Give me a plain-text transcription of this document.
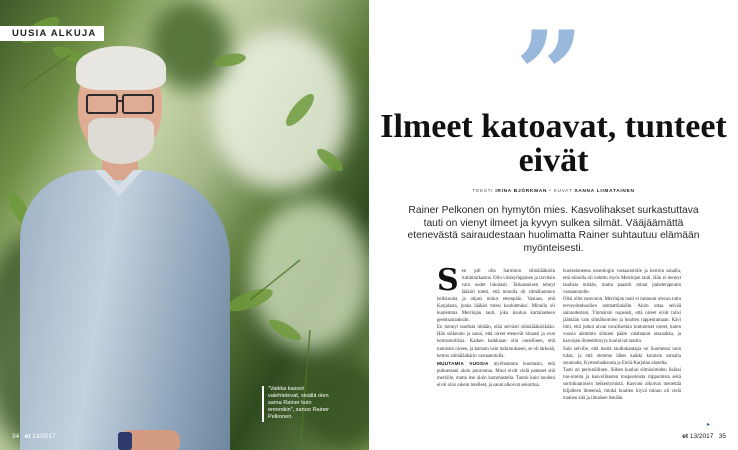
UUSIA ALKUJA
”Vaikka kasvot valehtelevat, sisällä olen sama Rainer kuin ennenkin”, sanoo Rainer Pelkonen.
34 et 13/2017
”
Ilmeet katoavat, tunteet eivät
TEKSTI IRINA BJÖRKMAN • KUVAT SANNA LIIMATAINEN

Rainer Pelkonen on hymytön mies. Kasvolihakset surkastuttava tauti on vienyt ilmeet ja kyvyn sulkea silmät. Vääjäämättä etenevästä sairaudestaan huolimatta Rainer suhtautuu elämään myönteisesti.

S en piti olla harmiton silmälääkärin rutiinitarkastus. Olin viisikymppinen ja tarvitsin vain uudet lukulasit. Tarkastuksen tehnyt lääkäri totesi, että minulla oli silmäluomien heikkoutta ja ohjasi minut eteenpäin. Vastaus, että Karjalasta, jonka lääkäri totesi koulutetuksi. Minulla oli kuulemma Merrinjan tauti, joka kuuluu kartaliasteen geenisairauksiin.

En tiennyt taudista mitään, eikä selvästi silmälääkärikään. Hän sulkeutui ja sanoi, että oireet etenevät hitaasti ja ovat hermostollisia. Kaiken kaikkiaan olin onnellinen, että tunnistin oireen, ja kutsuin vain tutkimukseen, se oli tärkeää, kertoo silmälääkärin vastaanotolla.

MUUTAMIA VUOSIA myöhemmin huomasin, että puhuessani aloin puuroutua. Muut eivät vielä panneet sitä merkille, mutta itse aloin kummastella. Tuntui kuin huuleni eivät olisi oikein totelleet, ja sanat alkoivat sekoittua.

huolestuneena neurologin vastaanotolle ja kerroin sanalla, että minulla oli todettu myös Merrinjan tauti. Hän ei tiennyt taudista mitään, mutta paasitti minut puheterapeutin vastaanotolle.

Olisi ollut neuvoton. Merrinjan tauti ei tuntunut olevan tuttu terveydenhuollon ammattilaisille. Aloin ottaa selvää sairaudestani. Ymmärsin nopeasti, että oireet eivät tulisi jäämään vain silmäluomien ja huulten rappeutumaan. Kävi ilmi, että jotkut aivan tavallisetkin tuntumiset oireet, kuten vuosia aiemmin silmien pääle valahtanut otsanahka, ja kasvojen ilmeettömyys kuuluivat tautiin.

Sain selville, että meitä taudinkantajia on Suomessa noin tuhat, ja että olemme lähes kaikki kotoisin samalta suunnalta, Kymenlaaksosta ja Etelä-Karjalan alueelta.

Tauti on perinnöllinen. Siihen kuuluu silmäoireiden lisäksi tuo-oireita ja kasvolihasten toispuoleista riippumista sekä sormikuntoisen heikentymistä. Kasvoni alkoivat menettää hiljalleen ilmeensä, minkä huulten liiyvä minun oli vielä mainen sitä ja ilmaisen itseään.

▸
et 13/2017 35
